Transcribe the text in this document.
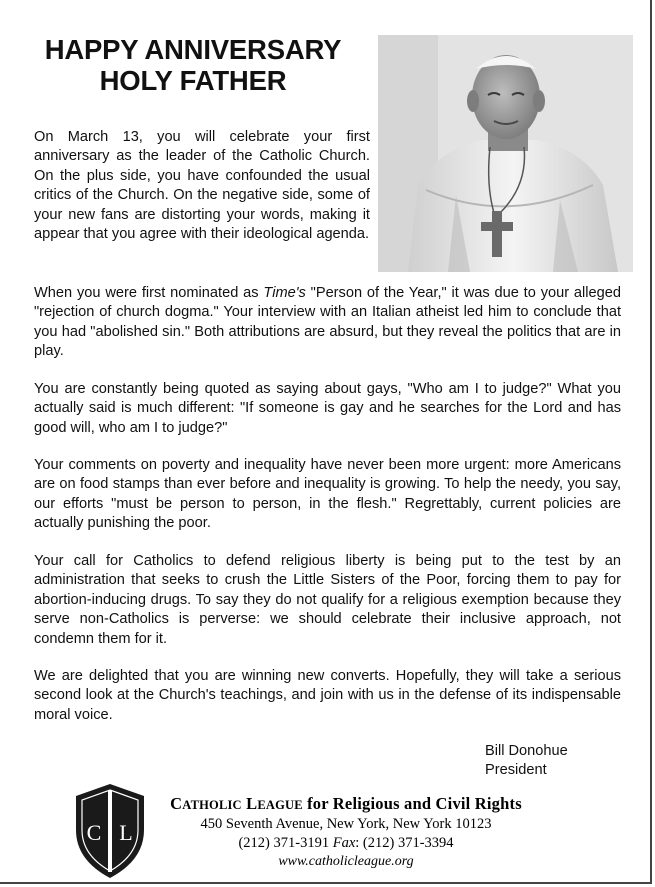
HAPPY ANNIVERSARY
HOLY FATHER

On March 13, you will celebrate your first anniversary as the leader of the Catholic Church. On the plus side, you have confounded the usual critics of the Church. On the negative side, some of your new fans are distorting your words, making it appear that you agree with their ideological agenda.

When you were first nominated as Time's "Person of the Year," it was due to your alleged "rejection of church dogma." Your interview with an Italian atheist led him to conclude that you had "abolished sin." Both attributions are absurd, but they reveal the politics that are in play.

You are constantly being quoted as saying about gays, "Who am I to judge?" What you actually said is much different: "If someone is gay and he searches for the Lord and has good will, who am I to judge?"

Your comments on poverty and inequality have never been more urgent: more Americans are on food stamps than ever before and inequality is growing. To help the needy, you say, our efforts "must be person to person, in the flesh." Regrettably, current policies are actually punishing the poor.

Your call for Catholics to defend religious liberty is being put to the test by an administration that seeks to crush the Little Sisters of the Poor, forcing them to pay for abortion-inducing drugs. To say they do not qualify for a religious exemption because they serve non-Catholics is perverse: we should celebrate their inclusive approach, not condemn them for it.

We are delighted that you are winning new converts. Hopefully, they will take a serious second look at the Church's teachings, and join with us in the defense of its indispensable moral voice.

Bill Donohue
President
C L
CATHOLIC LEAGUE for Religious and Civil Rights
450 Seventh Avenue, New York, New York 10123
(212) 371-3191 Fax: (212) 371-3394
www.catholicleague.org
